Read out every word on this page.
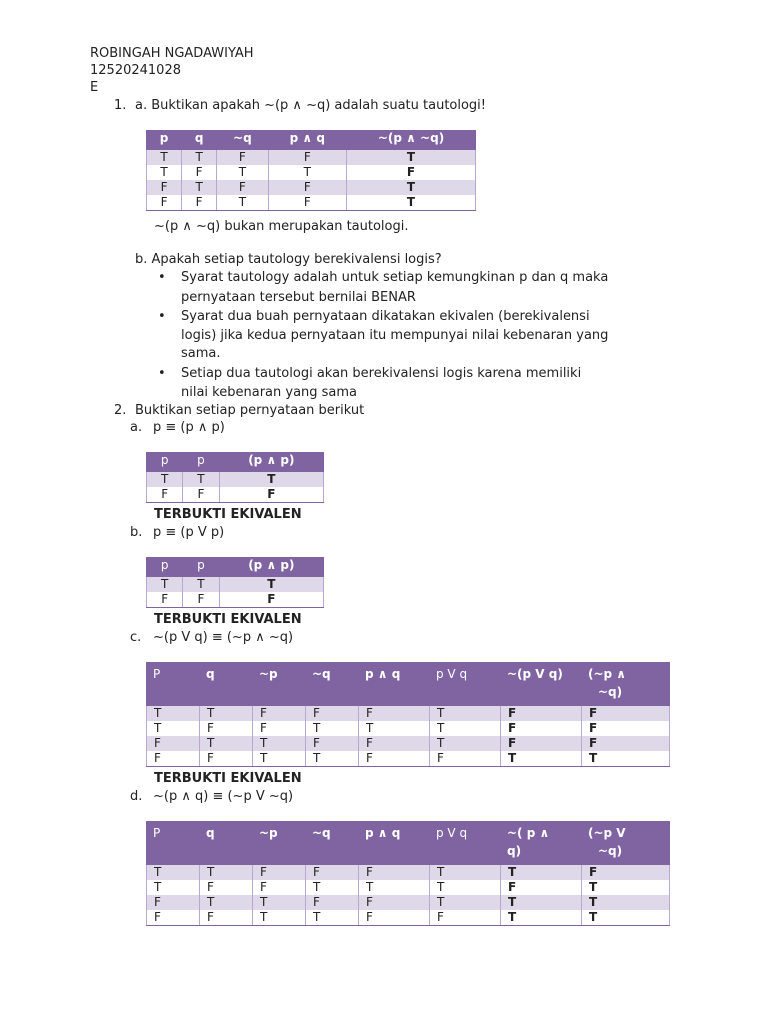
ROBINGAH NGADAWIYAH
12520241028
E
1. a. Buktikan apakah ~(p ∧ ~q) adalah suatu tautologi!
p	q	~q	p ∧ q	~(p ∧ ~q)
T	T	F	F	T
T	F	T	T	F
F	T	F	F	T
F	F	T	F	T
~(p ∧ ~q) bukan merupakan tautologi.
b. Apakah setiap tautology berekivalensi logis?
• Syarat tautology adalah untuk setiap kemungkinan p dan q maka
pernyataan tersebut bernilai BENAR
• Syarat dua buah pernyataan dikatakan ekivalen (berekivalensi
logis) jika kedua pernyataan itu mempunyai nilai kebenaran yang
sama.
• Setiap dua tautologi akan berekivalensi logis karena memiliki
nilai kebenaran yang sama
2. Buktikan setiap pernyataan berikut
a. p ≡ (p ∧ p)
p	p	(p ∧ p)
T	T	T
F	F	F
TERBUKTI EKIVALEN
b. p ≡ (p V p)
p	p	(p ∧ p)
T	T	T
F	F	F
TERBUKTI EKIVALEN
c. ~(p V q) ≡ (~p ∧ ~q)
P	q	~p	~q	p ∧ q	p V q	~(p V q)	(~p ∧
~q)
T	T	F	F	F	T	F	F
T	F	F	T	T	T	F	F
F	T	T	F	F	T	F	F
F	F	T	T	F	F	T	T
TERBUKTI EKIVALEN
d. ~(p ∧ q) ≡ (~p V ~q)
P	q	~p	~q	p ∧ q	p V q	~( p ∧
q)	(~p V
~q)
T	T	F	F	F	T	T	F
T	F	F	T	T	T	F	T
F	T	T	F	F	T	T	T
F	F	T	T	F	F	T	T
